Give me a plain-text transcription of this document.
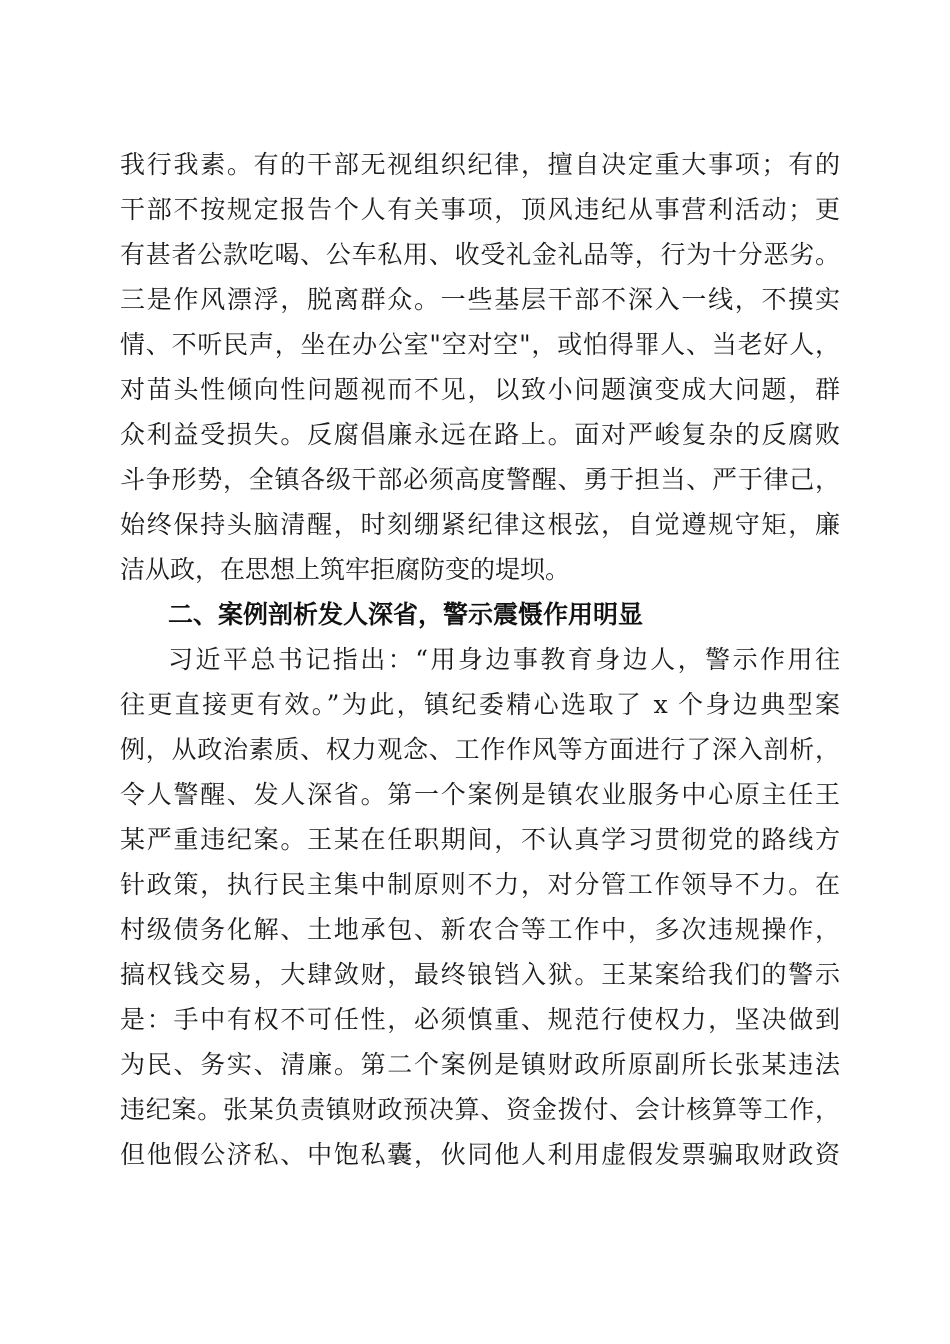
我行我素。有的干部无视组织纪律，擅自决定重大事项；有的
干部不按规定报告个人有关事项，顶风违纪从事营利活动；更
有甚者公款吃喝、公车私用、收受礼金礼品等，行为十分恶劣。
三是作风漂浮，脱离群众。一些基层干部不深入一线，不摸实
情、不听民声，坐在办公室"空对空"，或怕得罪人、当老好人，
对苗头性倾向性问题视而不见，以致小问题演变成大问题，群
众利益受损失。反腐倡廉永远在路上。面对严峻复杂的反腐败
斗争形势，全镇各级干部必须高度警醒、勇于担当、严于律己，
始终保持头脑清醒，时刻绷紧纪律这根弦，自觉遵规守矩，廉
洁从政，在思想上筑牢拒腐防变的堤坝。
二、案例剖析发人深省，警示震慑作用明显
习近平总书记指出：“用身边事教育身边人，警示作用往
往更直接更有效。”为此，镇纪委精心选取了 x 个身边典型案
例，从政治素质、权力观念、工作作风等方面进行了深入剖析，
令人警醒、发人深省。第一个案例是镇农业服务中心原主任王
某严重违纪案。王某在任职期间，不认真学习贯彻党的路线方
针政策，执行民主集中制原则不力，对分管工作领导不力。在
村级债务化解、土地承包、新农合等工作中，多次违规操作，
搞权钱交易，大肆敛财，最终锒铛入狱。王某案给我们的警示
是：手中有权不可任性，必须慎重、规范行使权力，坚决做到
为民、务实、清廉。第二个案例是镇财政所原副所长张某违法
违纪案。张某负责镇财政预决算、资金拨付、会计核算等工作，
但他假公济私、中饱私囊，伙同他人利用虚假发票骗取财政资
